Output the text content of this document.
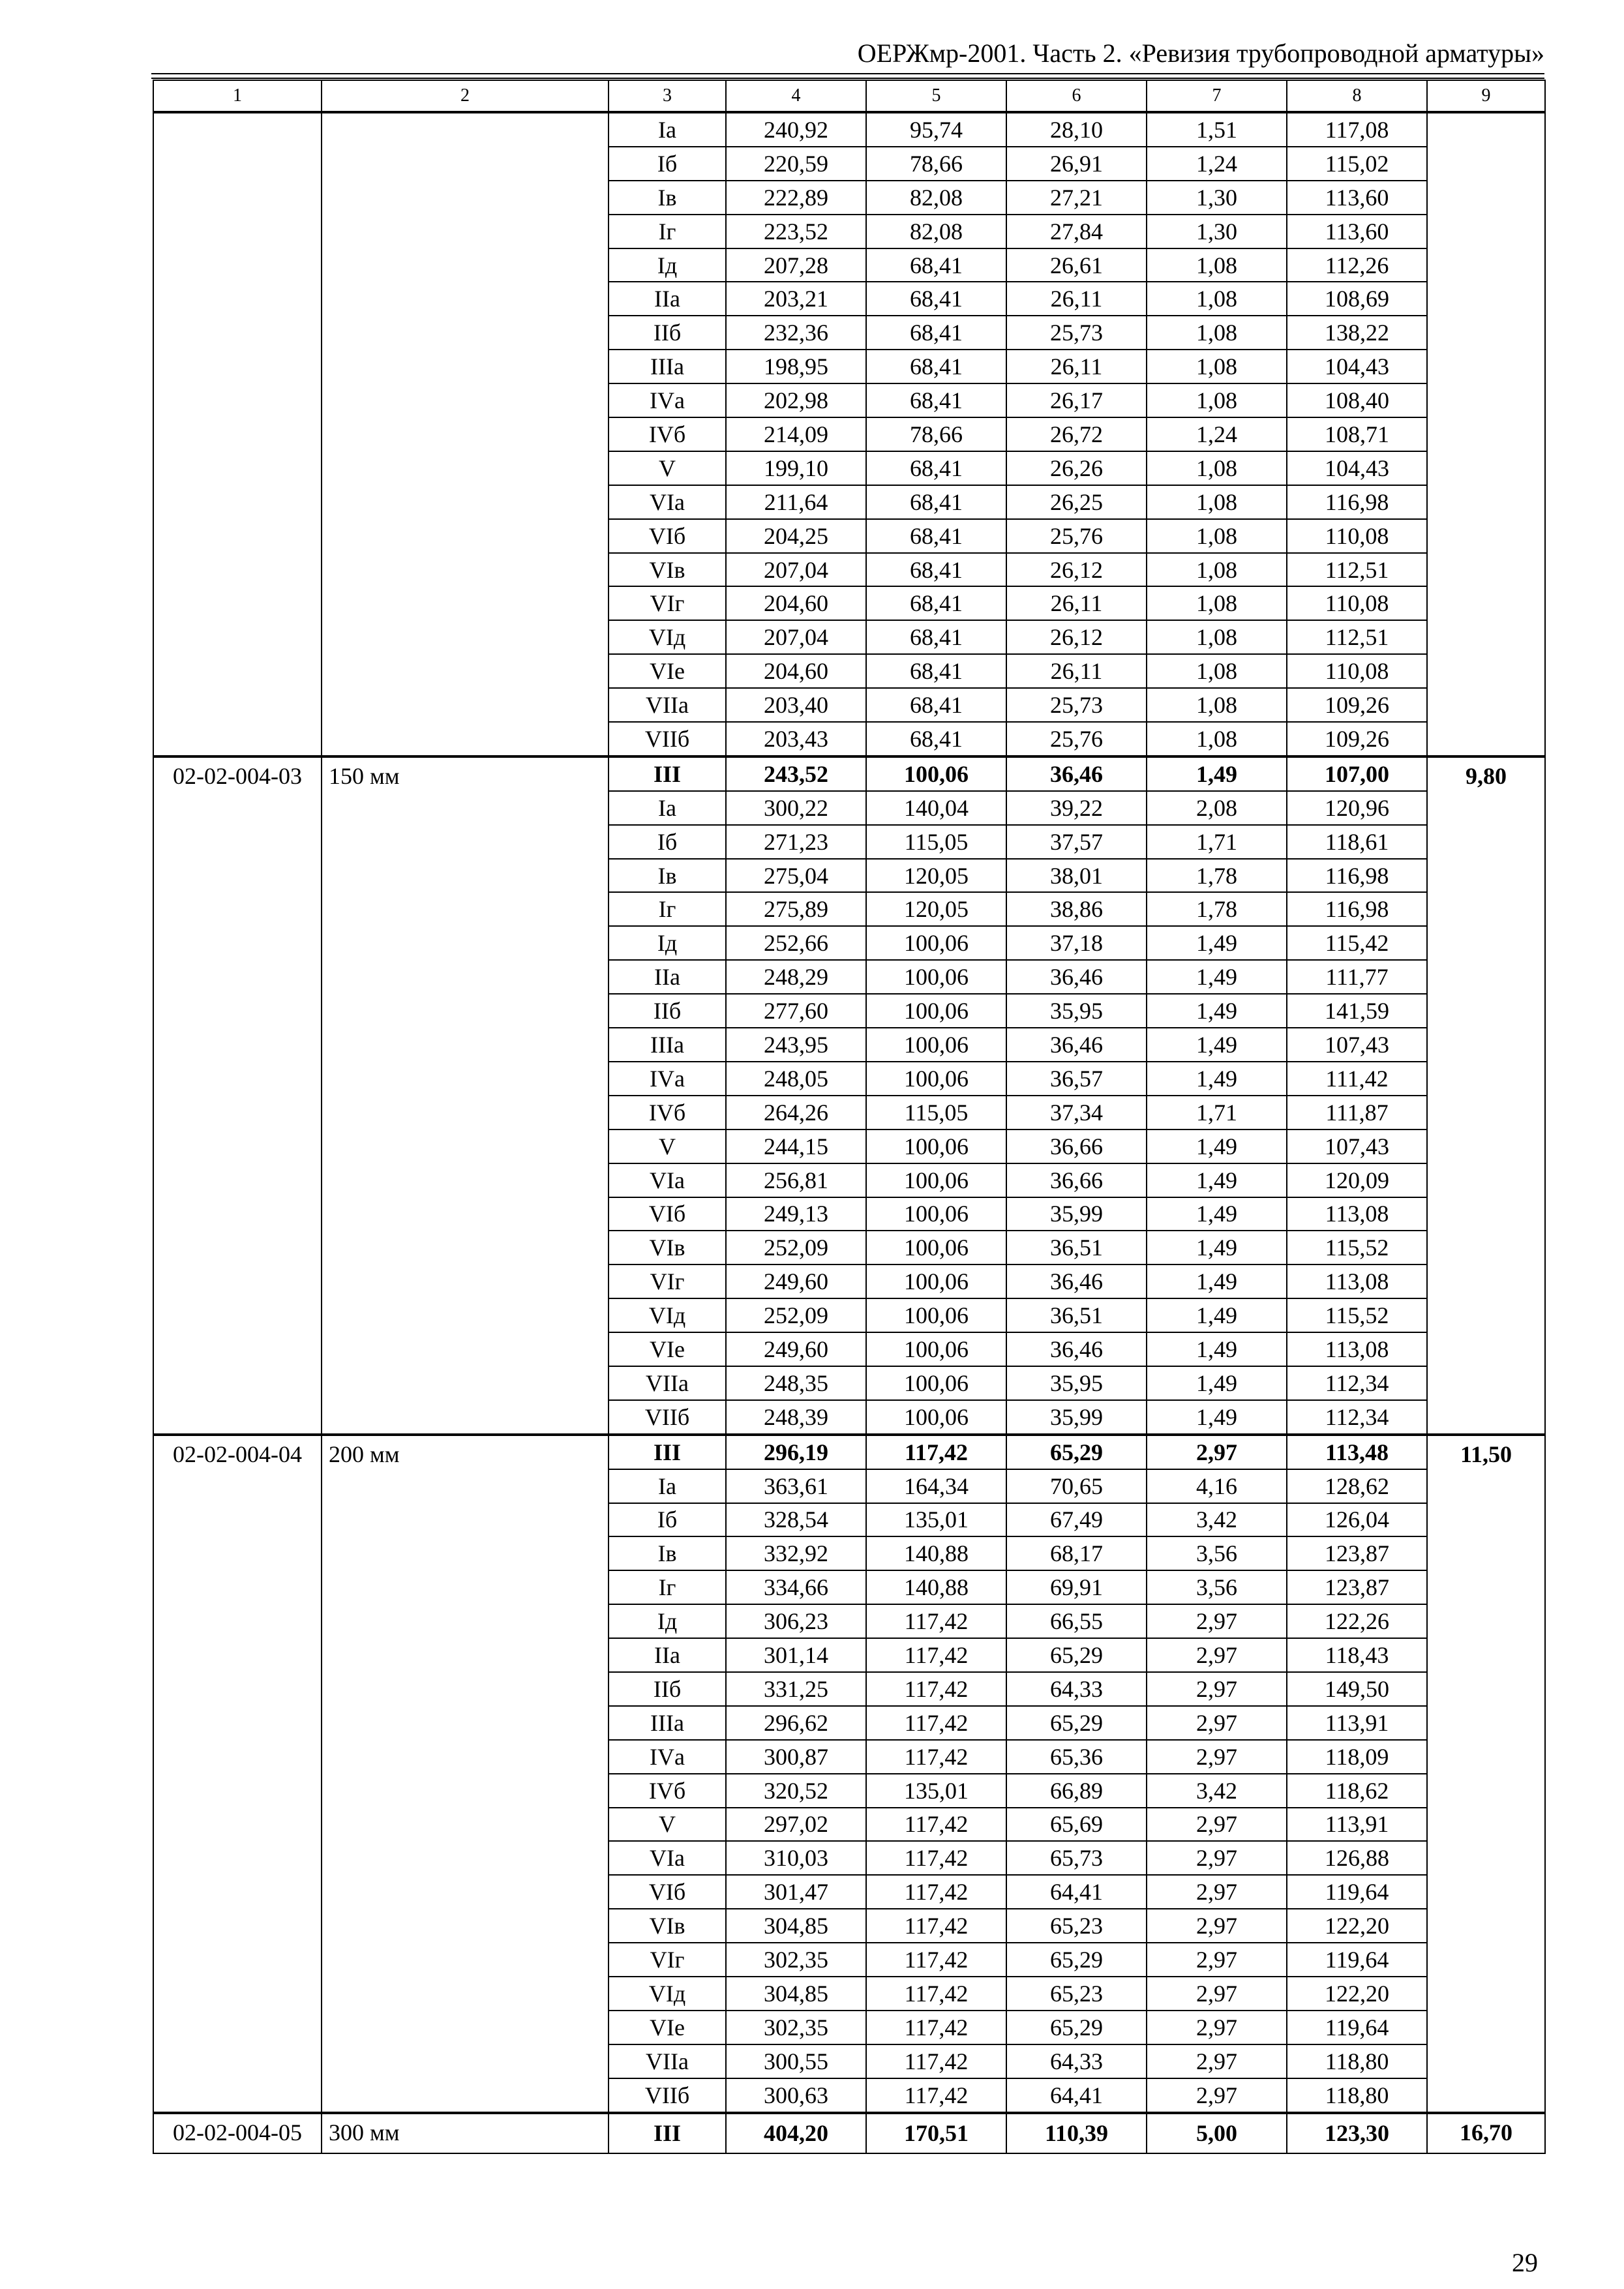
ОЕРЖмр-2001. Часть 2. «Ревизия трубопроводной арматуры»
1	2	3	4	5	6	7	8	9
		Iа	240,92	95,74	28,10	1,51	117,08	
		Iб	220,59	78,66	26,91	1,24	115,02	
		Iв	222,89	82,08	27,21	1,30	113,60	
		Iг	223,52	82,08	27,84	1,30	113,60	
		Iд	207,28	68,41	26,61	1,08	112,26	
		IIа	203,21	68,41	26,11	1,08	108,69	
		IIб	232,36	68,41	25,73	1,08	138,22	
		IIIа	198,95	68,41	26,11	1,08	104,43	
		IVа	202,98	68,41	26,17	1,08	108,40	
		IVб	214,09	78,66	26,72	1,24	108,71	
		V	199,10	68,41	26,26	1,08	104,43	
		VIа	211,64	68,41	26,25	1,08	116,98	
		VIб	204,25	68,41	25,76	1,08	110,08	
		VIв	207,04	68,41	26,12	1,08	112,51	
		VIг	204,60	68,41	26,11	1,08	110,08	
		VIд	207,04	68,41	26,12	1,08	112,51	
		VIе	204,60	68,41	26,11	1,08	110,08	
		VIIа	203,40	68,41	25,73	1,08	109,26	
		VIIб	203,43	68,41	25,76	1,08	109,26	
02-02-004-03	150 мм	III	243,52	100,06	36,46	1,49	107,00	9,80
		Iа	300,22	140,04	39,22	2,08	120,96	
		Iб	271,23	115,05	37,57	1,71	118,61	
		Iв	275,04	120,05	38,01	1,78	116,98	
		Iг	275,89	120,05	38,86	1,78	116,98	
		Iд	252,66	100,06	37,18	1,49	115,42	
		IIа	248,29	100,06	36,46	1,49	111,77	
		IIб	277,60	100,06	35,95	1,49	141,59	
		IIIа	243,95	100,06	36,46	1,49	107,43	
		IVа	248,05	100,06	36,57	1,49	111,42	
		IVб	264,26	115,05	37,34	1,71	111,87	
		V	244,15	100,06	36,66	1,49	107,43	
		VIа	256,81	100,06	36,66	1,49	120,09	
		VIб	249,13	100,06	35,99	1,49	113,08	
		VIв	252,09	100,06	36,51	1,49	115,52	
		VIг	249,60	100,06	36,46	1,49	113,08	
		VIд	252,09	100,06	36,51	1,49	115,52	
		VIе	249,60	100,06	36,46	1,49	113,08	
		VIIа	248,35	100,06	35,95	1,49	112,34	
		VIIб	248,39	100,06	35,99	1,49	112,34	
02-02-004-04	200 мм	III	296,19	117,42	65,29	2,97	113,48	11,50
		Iа	363,61	164,34	70,65	4,16	128,62	
		Iб	328,54	135,01	67,49	3,42	126,04	
		Iв	332,92	140,88	68,17	3,56	123,87	
		Iг	334,66	140,88	69,91	3,56	123,87	
		Iд	306,23	117,42	66,55	2,97	122,26	
		IIа	301,14	117,42	65,29	2,97	118,43	
		IIб	331,25	117,42	64,33	2,97	149,50	
		IIIа	296,62	117,42	65,29	2,97	113,91	
		IVа	300,87	117,42	65,36	2,97	118,09	
		IVб	320,52	135,01	66,89	3,42	118,62	
		V	297,02	117,42	65,69	2,97	113,91	
		VIа	310,03	117,42	65,73	2,97	126,88	
		VIб	301,47	117,42	64,41	2,97	119,64	
		VIв	304,85	117,42	65,23	2,97	122,20	
		VIг	302,35	117,42	65,29	2,97	119,64	
		VIд	304,85	117,42	65,23	2,97	122,20	
		VIе	302,35	117,42	65,29	2,97	119,64	
		VIIа	300,55	117,42	64,33	2,97	118,80	
		VIIб	300,63	117,42	64,41	2,97	118,80	
02-02-004-05	300 мм	III	404,20	170,51	110,39	5,00	123,30	16,70
29
